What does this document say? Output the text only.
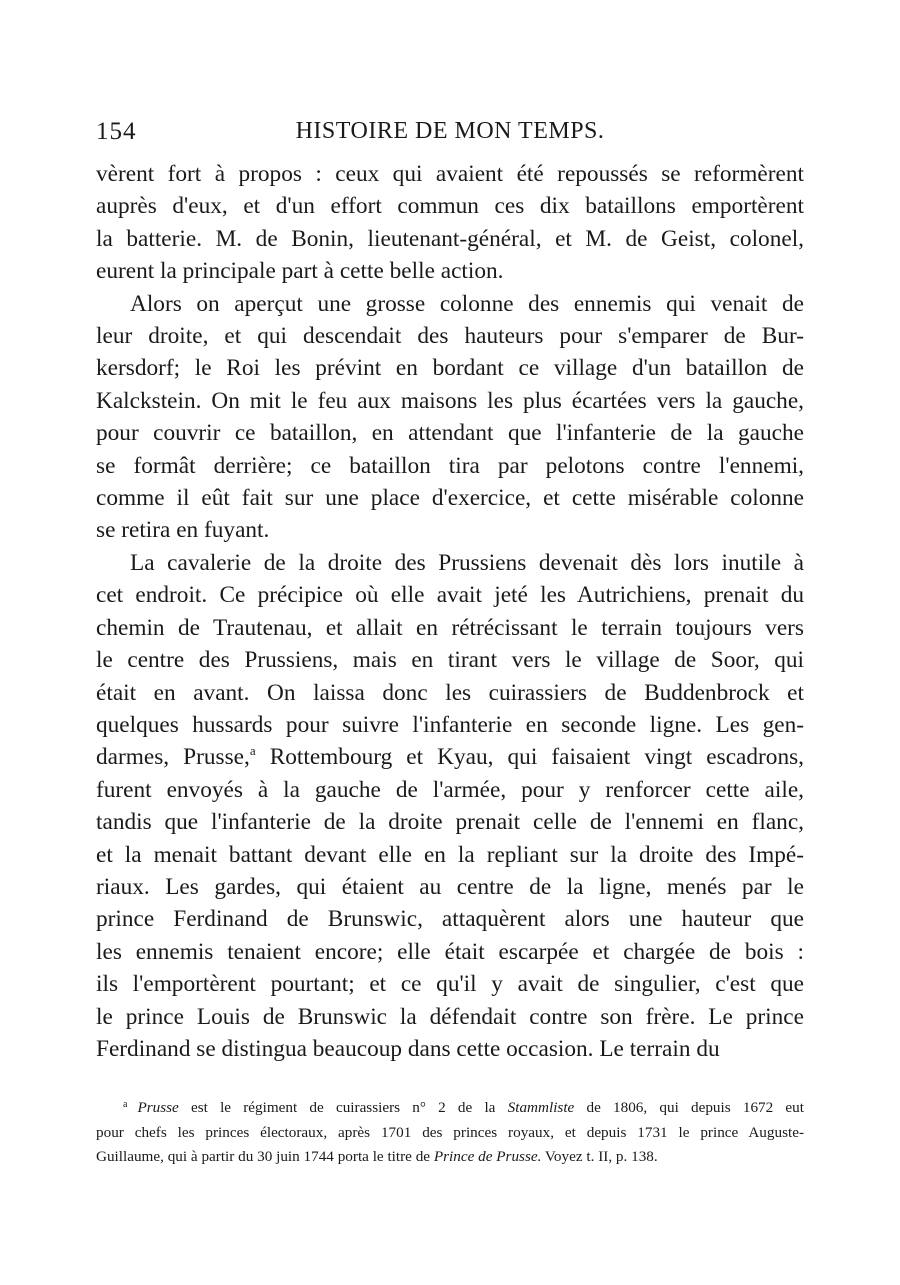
154	HISTOIRE DE MON TEMPS.

vèrent fort à propos : ceux qui avaient été repoussés se reformèrent
auprès d'eux, et d'un effort commun ces dix bataillons emportèrent
la batterie. M. de Bonin, lieutenant-général, et M. de Geist, colonel,
eurent la principale part à cette belle action.

Alors on aperçut une grosse colonne des ennemis qui venait de
leur droite, et qui descendait des hauteurs pour s'emparer de Bur-
kersdorf; le Roi les prévint en bordant ce village d'un bataillon de
Kalckstein. On mit le feu aux maisons les plus écartées vers la gauche,
pour couvrir ce bataillon, en attendant que l'infanterie de la gauche
se formât derrière; ce bataillon tira par pelotons contre l'ennemi,
comme il eût fait sur une place d'exercice, et cette misérable colonne
se retira en fuyant.

La cavalerie de la droite des Prussiens devenait dès lors inutile à
cet endroit. Ce précipice où elle avait jeté les Autrichiens, prenait du
chemin de Trautenau, et allait en rétrécissant le terrain toujours vers
le centre des Prussiens, mais en tirant vers le village de Soor, qui
était en avant. On laissa donc les cuirassiers de Buddenbrock et
quelques hussards pour suivre l'infanterie en seconde ligne. Les gen-
darmes, Prusse,$^a$ Rottembourg et Kyau, qui faisaient vingt escadrons,
furent envoyés à la gauche de l'armée, pour y renforcer cette aile,
tandis que l'infanterie de la droite prenait celle de l'ennemi en flanc,
et la menait battant devant elle en la repliant sur la droite des Impé-
riaux. Les gardes, qui étaient au centre de la ligne, menés par le
prince Ferdinand de Brunswic, attaquèrent alors une hauteur que
les ennemis tenaient encore; elle était escarpée et chargée de bois :
ils l'emportèrent pourtant; et ce qu'il y avait de singulier, c'est que
le prince Louis de Brunswic la défendait contre son frère. Le prince
Ferdinand se distingua beaucoup dans cette occasion. Le terrain du

$^a$ Prusse est le régiment de cuirassiers n° 2 de la Stammliste de 1806, qui depuis 1672 eut
pour chefs les princes électoraux, après 1701 des princes royaux, et depuis 1731 le prince Auguste-
Guillaume, qui à partir du 30 juin 1744 porta le titre de Prince de Prusse. Voyez t. II, p. 138.
